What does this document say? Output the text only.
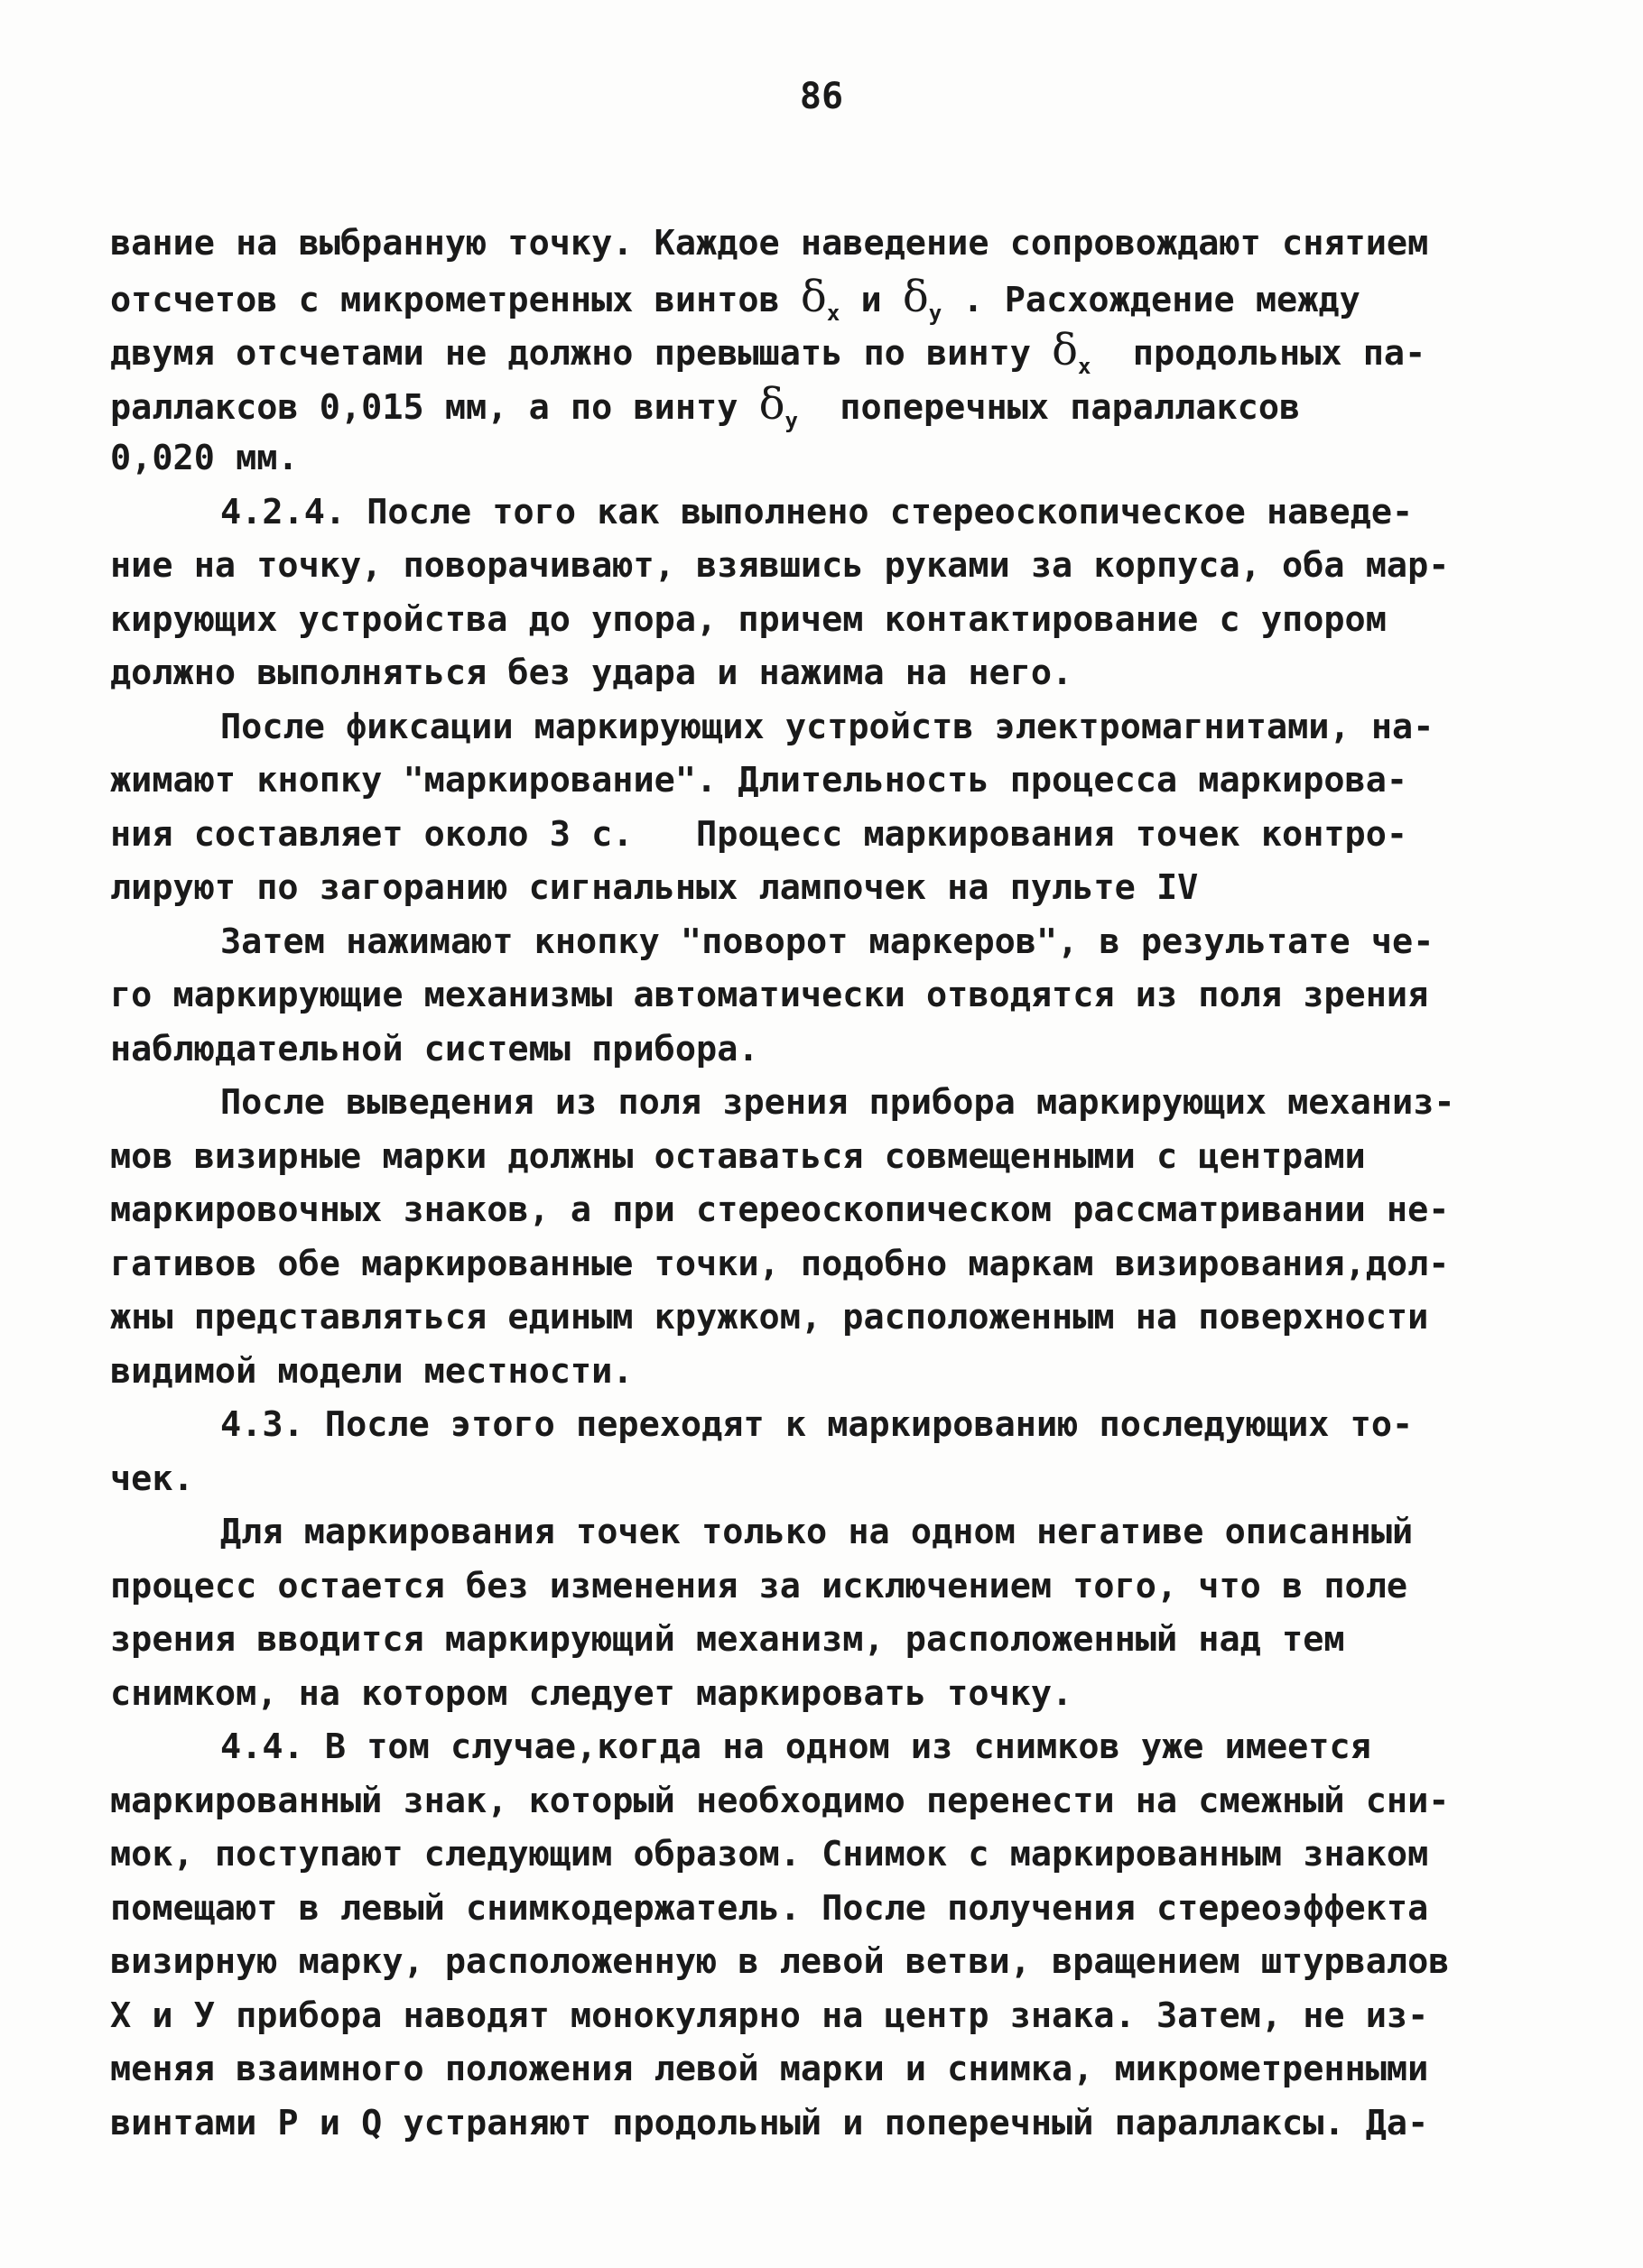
86
вание на выбранную точку. Каждое наведение сопровождают снятием
отсчетов с микрометренных винтов $\delta_x$ и $\delta_y$ . Расхождение между
двумя отсчетами не должно превышать по винту $\delta_x$  продольных па-
раллаксов 0,015 мм, а по винту $\delta_y$  поперечных параллаксов
0,020 мм.
4.2.4. После того как выполнено стереоскопическое наведе-
ние на точку, поворачивают, взявшись руками за корпуса, оба мар-
кирующих устройства до упора, причем контактирование с упором
должно выполняться без удара и нажима на него.
После фиксации маркирующих устройств электромагнитами, на-
жимают кнопку "маркирование". Длительность процесса маркирова-
ния составляет около 3 с.   Процесс маркирования точек контро-
лируют по загоранию сигнальных лампочек на пульте IV
Затем нажимают кнопку "поворот маркеров", в результате че-
го маркирующие механизмы автоматически отводятся из поля зрения
наблюдательной системы прибора.
После выведения из поля зрения прибора маркирующих механиз-
мов визирные марки должны оставаться совмещенными с центрами
маркировочных знаков, а при стереоскопическом рассматривании не-
гативов обе маркированные точки, подобно маркам визирования,дол-
жны представляться единым кружком, расположенным на поверхности
видимой модели местности.
4.3. После этого переходят к маркированию последующих то-
чек.
Для маркирования точек только на одном негативе описанный
процесс остается без изменения за исключением того, что в поле
зрения вводится маркирующий механизм, расположенный над тем
снимком, на котором следует маркировать точку.
4.4. В том случае,когда на одном из снимков уже имеется
маркированный знак, который необходимо перенести на смежный сни-
мок, поступают следующим образом. Снимок с маркированным знаком
помещают в левый снимкодержатель. После получения стереоэффекта
визирную марку, расположенную в левой ветви, вращением штурвалов
X и У прибора наводят монокулярно на центр знака. Затем, не из-
меняя взаимного положения левой марки и снимка, микрометренными
винтами P и Q устраняют продольный и поперечный параллаксы. Да-
